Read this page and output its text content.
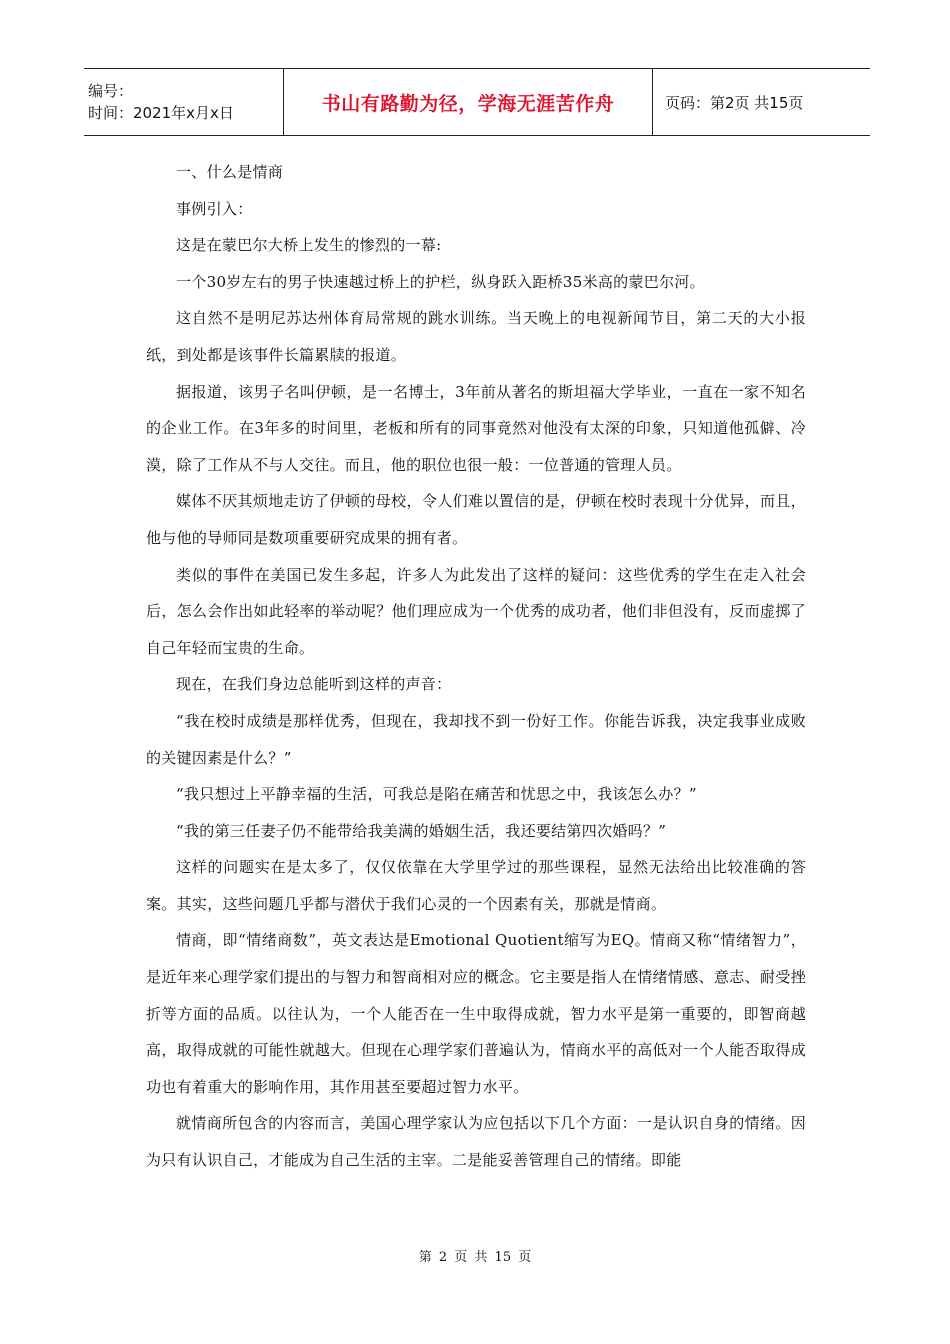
编号：
时间：2021年x月x日	书山有路勤为径，学海无涯苦作舟	页码：第2页 共15页

一、什么是情商

事例引入：

这是在蒙巴尔大桥上发生的惨烈的一幕:

一个30岁左右的男子快速越过桥上的护栏，纵身跃入距桥35米高的蒙巴尔河。

这自然不是明尼苏达州体育局常规的跳水训练。当天晚上的电视新闻节目，第二天的大小报纸，到处都是该事件长篇累牍的报道。

据报道，该男子名叫伊顿，是一名博士，3年前从著名的斯坦福大学毕业，一直在一家不知名的企业工作。在3年多的时间里，老板和所有的同事竟然对他没有太深的印象，只知道他孤僻、冷漠，除了工作从不与人交往。而且，他的职位也很一般：一位普通的管理人员。

媒体不厌其烦地走访了伊顿的母校，令人们难以置信的是，伊顿在校时表现十分优异，而且，他与他的导师同是数项重要研究成果的拥有者。

类似的事件在美国已发生多起，许多人为此发出了这样的疑问：这些优秀的学生在走入社会后，怎么会作出如此轻率的举动呢？他们理应成为一个优秀的成功者，他们非但没有，反而虚掷了自己年轻而宝贵的生命。

现在，在我们身边总能听到这样的声音：

“我在校时成绩是那样优秀，但现在，我却找不到一份好工作。你能告诉我，决定我事业成败的关键因素是什么？”

“我只想过上平静幸福的生活，可我总是陷在痛苦和忧思之中，我该怎么办？”

“我的第三任妻子仍不能带给我美满的婚姻生活，我还要结第四次婚吗？”

这样的问题实在是太多了，仅仅依靠在大学里学过的那些课程，显然无法给出比较准确的答案。其实，这些问题几乎都与潜伏于我们心灵的一个因素有关，那就是情商。

情商，即“情绪商数”，英文表达是Emotional Quotient缩写为EQ。情商又称“情绪智力”，是近年来心理学家们提出的与智力和智商相对应的概念。它主要是指人在情绪情感、意志、耐受挫折等方面的品质。以往认为，一个人能否在一生中取得成就，智力水平是第一重要的，即智商越高，取得成就的可能性就越大。但现在心理学家们普遍认为，情商水平的高低对一个人能否取得成功也有着重大的影响作用，其作用甚至要超过智力水平。

就情商所包含的内容而言，美国心理学家认为应包括以下几个方面：一是认识自身的情绪。因为只有认识自己，才能成为自己生活的主宰。二是能妥善管理自己的情绪。即能

第 2 页 共 15 页
